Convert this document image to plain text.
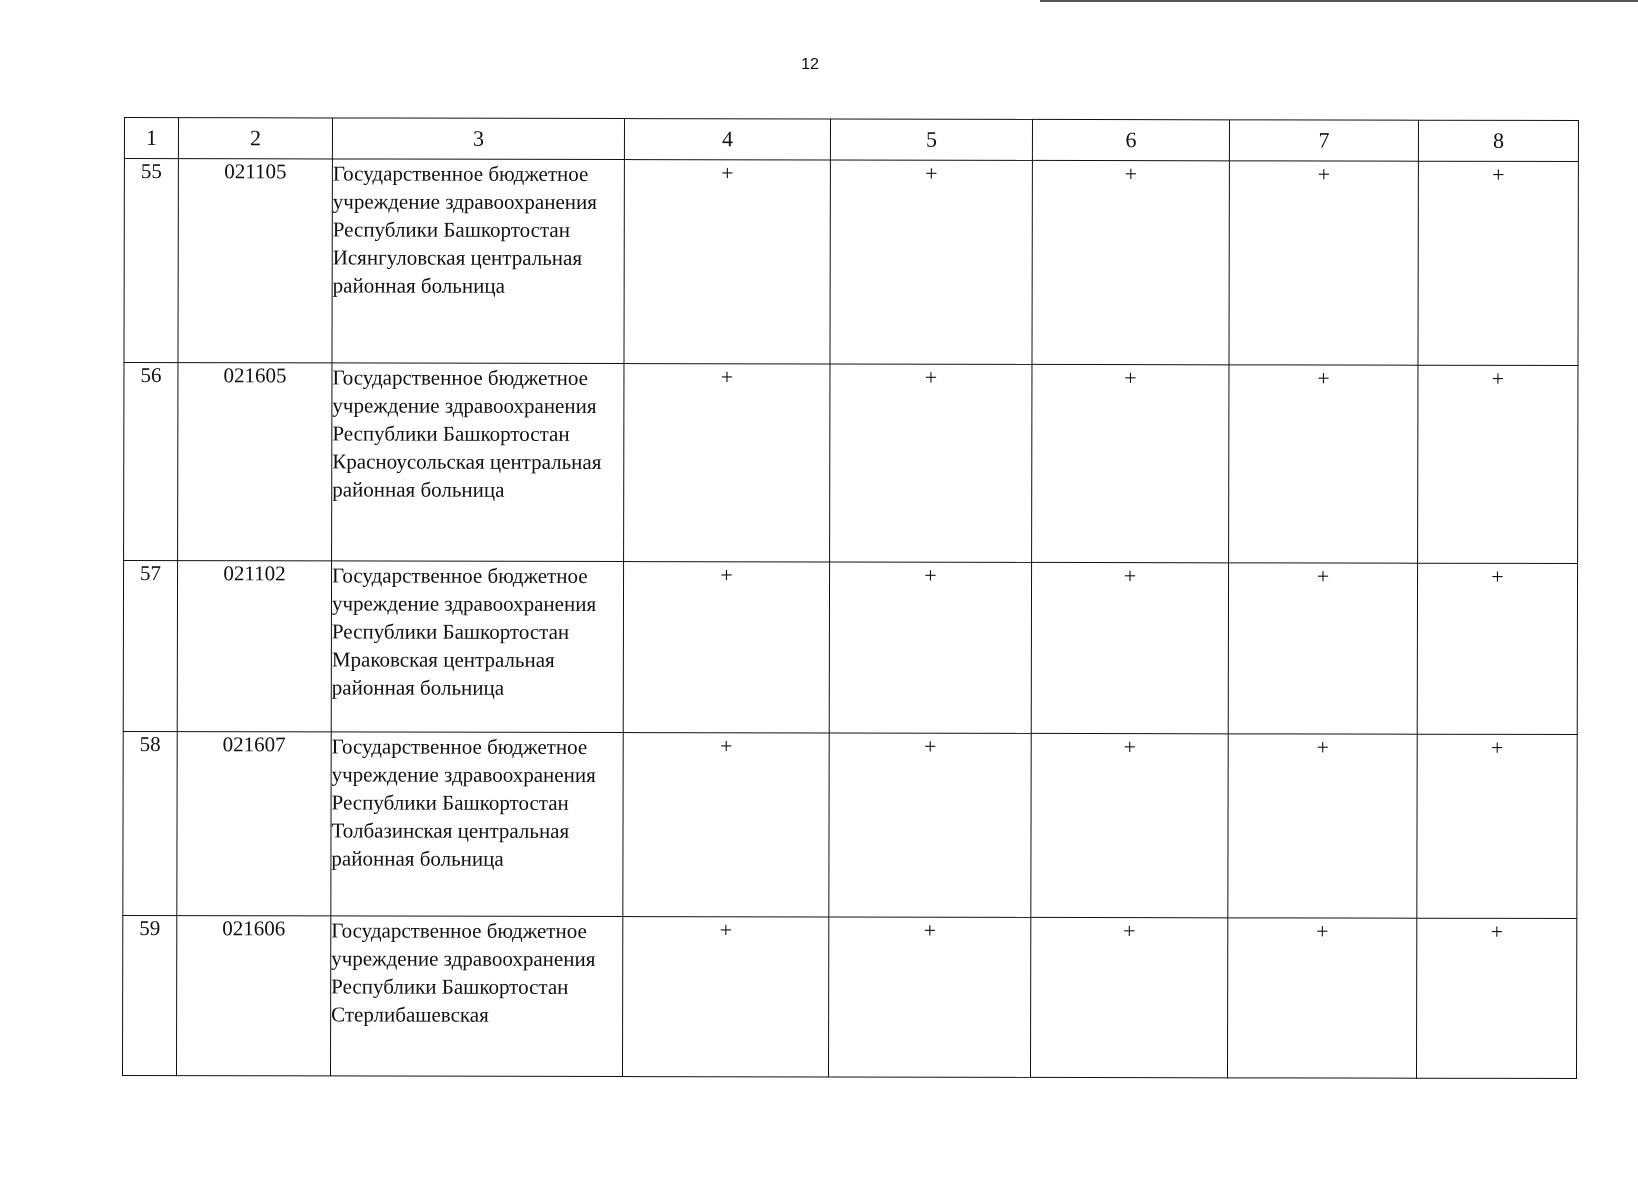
12
1	2	3	4	5	6	7	8
55	021105	Государственное бюджетное учреждение здравоохранения Республики Башкортостан Исянгуловская центральная районная больница	+	+	+	+	+
56	021605	Государственное бюджетное учреждение здравоохранения Республики Башкортостан Красноусольская центральная районная больница	+	+	+	+	+
57	021102	Государственное бюджетное учреждение здравоохранения Республики Башкортостан Мраковская центральная районная больница	+	+	+	+	+
58	021607	Государственное бюджетное учреждение здравоохранения Республики Башкортостан Толбазинская центральная районная больница	+	+	+	+	+
59	021606	Государственное бюджетное учреждение здравоохранения Республики Башкортостан Стерлибашевская	+	+	+	+	+
